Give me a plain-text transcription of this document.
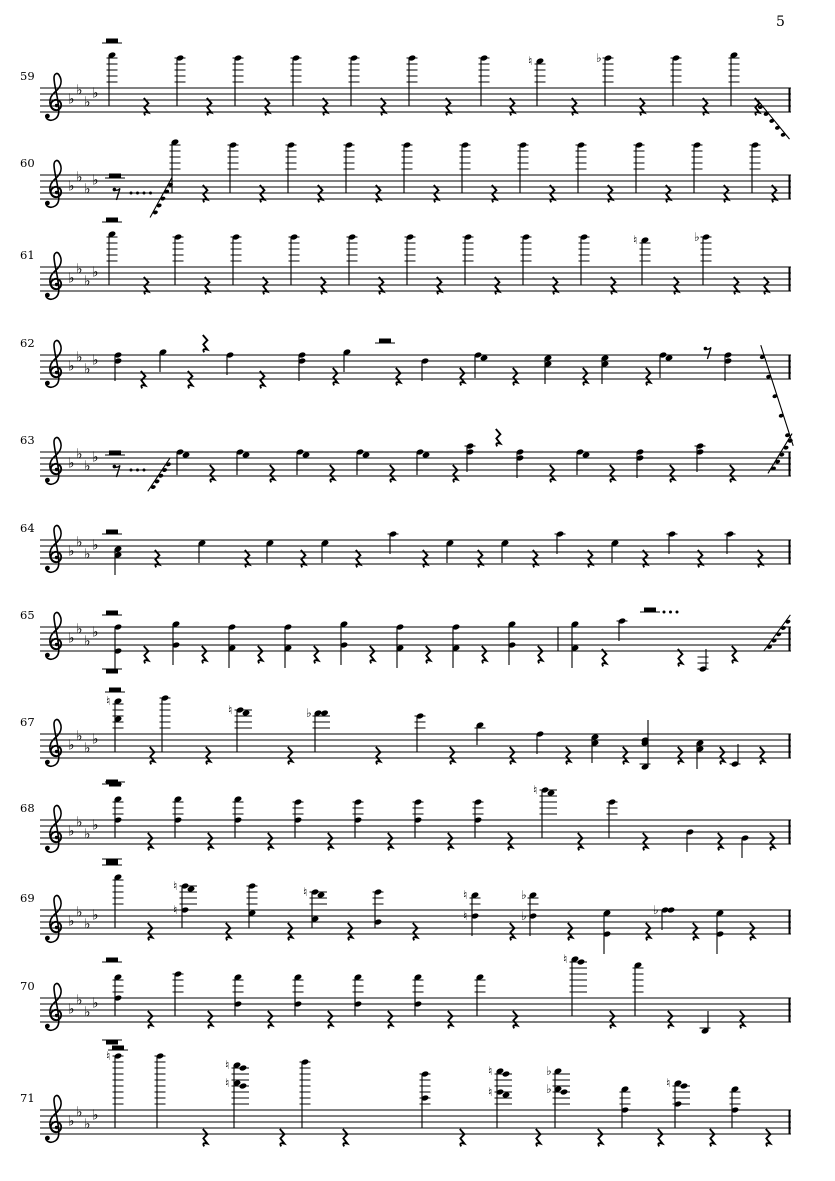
5
59
♭
♭
♭
♭
♮	♭
60
♭
♭
♭
♭
61
♭
♭
♭
♭
♮	♭
62
♭
♭
♭
♭
63
♭
♭
♭
♭
64
♭
♭
♭
♭
65
♭
♭
♭
♭
67
♭
♭
♭
♭
♮
♮	♭
68
♭
♭
♭
♭
♮
69
♭
♭
♭
♭
♮
♮
♮	♮
♮
♭
♭	♭
70
♭
♭
♭
♭
♮
71
♭
♭
♭
♭
♮
♮
♮
♮
♮
♭
♭	♮
